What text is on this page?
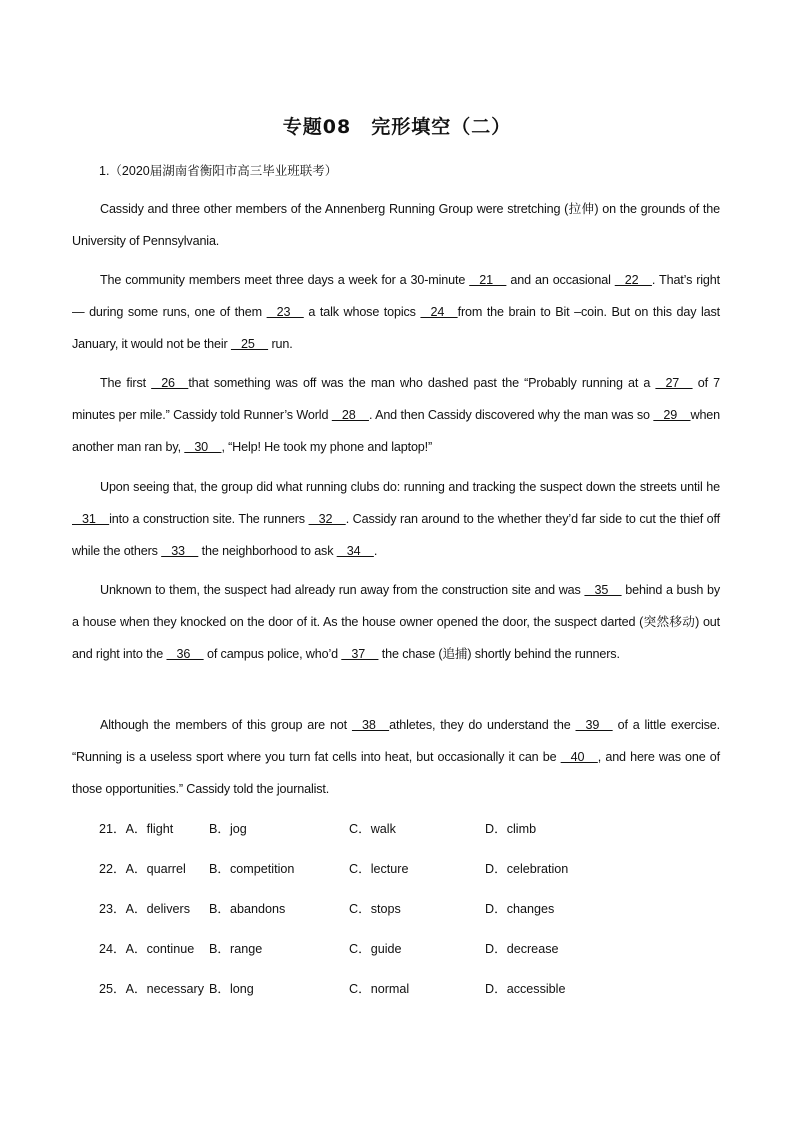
专题08　完形填空（二）
1.（2020届湖南省衡阳市高三毕业班联考）
Cassidy and three other members of the Annenberg Running Group were stretching (拉伸) on the grounds of the University of Pennsylvania.
The community members meet three days a week for a 30-minute    21     and an occasional    22    . That’s right — during some runs, one of them    23     a talk whose topics    24    from the brain to Bit –coin. But on this day last January, it would not be their    25     run.
The first    26    that something was off was the man who dashed past the “Probably running at a    27     of 7 minutes per mile.” Cassidy told Runner’s World    28    . And then Cassidy discovered why the man was so    29    when another man ran by,    30    , “Help! He took my phone and laptop!”
Upon seeing that, the group did what running clubs do: running and tracking the suspect down the streets until he    31    into a construction site. The runners    32    . Cassidy ran around to the whether they’d far side to cut the thief off while the others    33     the neighborhood to ask    34    .
Unknown to them, the suspect had already run away from the construction site and was    35     behind a bush by a house when they knocked on the door of it. As the house owner opened the door, the suspect darted (突然移动) out and right into the    36     of campus police, who’d    37     the chase (追捕) shortly behind the runners.
Although the members of this group are not    38    athletes, they do understand the    39     of a little exercise. “Running is a useless sport where you turn fat cells into heat, but occasionally it can be    40    , and here was one of those opportunities.” Cassidy told the journalist.
21．A．flight	B．jog	C．walk	D．climb
22．A．quarrel B．competition	C．lecture	D．celebration
23．A．delivers B．abandons	C．stops	D．changes
24．A．continue B．range	C．guide	D．decrease
25．A．necessary B．long	C．normal	D．accessible
